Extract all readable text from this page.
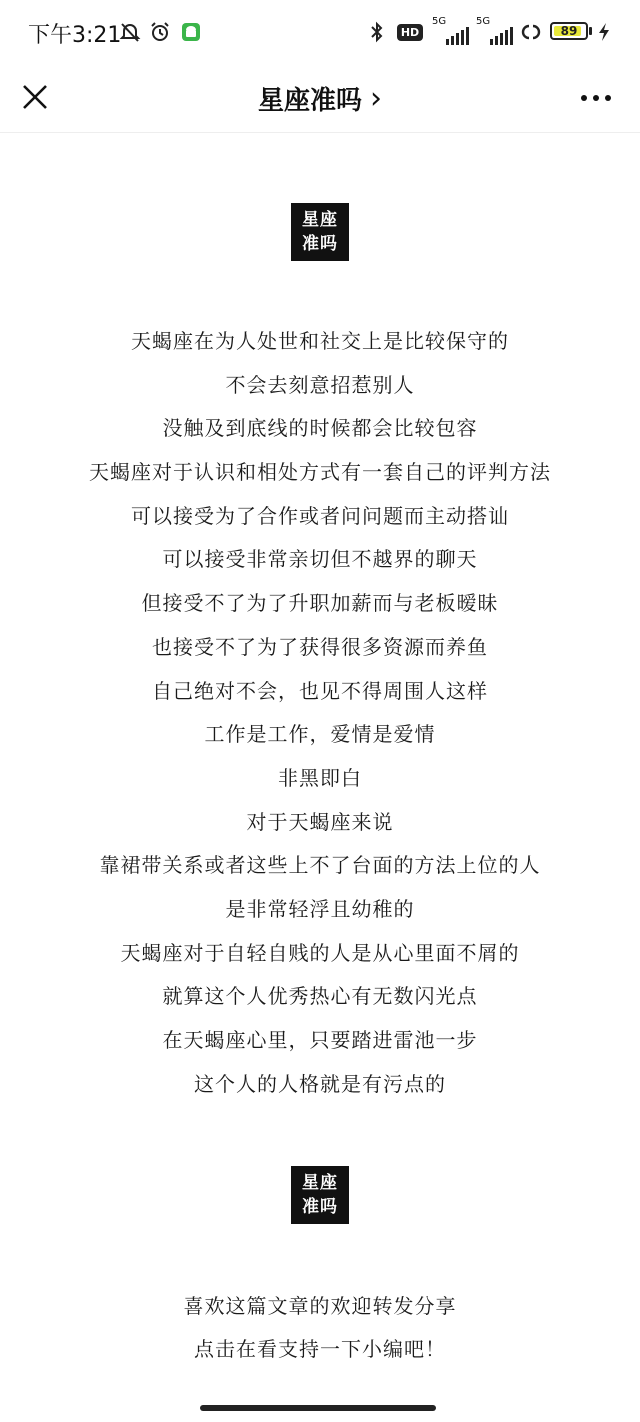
下午3:21	HD
5G	5G
89
星座准吗 ›
星座
准吗

天蝎座在为人处世和社交上是比较保守的

不会去刻意招惹别人

没触及到底线的时候都会比较包容

天蝎座对于认识和相处方式有一套自己的评判方法

可以接受为了合作或者问问题而主动搭讪

可以接受非常亲切但不越界的聊天

但接受不了为了升职加薪而与老板暧昧

也接受不了为了获得很多资源而养鱼

自己绝对不会，也见不得周围人这样

工作是工作，爱情是爱情

非黑即白

对于天蝎座来说

靠裙带关系或者这些上不了台面的方法上位的人

是非常轻浮且幼稚的

天蝎座对于自轻自贱的人是从心里面不屑的

就算这个人优秀热心有无数闪光点

在天蝎座心里，只要踏进雷池一步

这个人的人格就是有污点的

星座
准吗

喜欢这篇文章的欢迎转发分享

点击在看支持一下小编吧！
